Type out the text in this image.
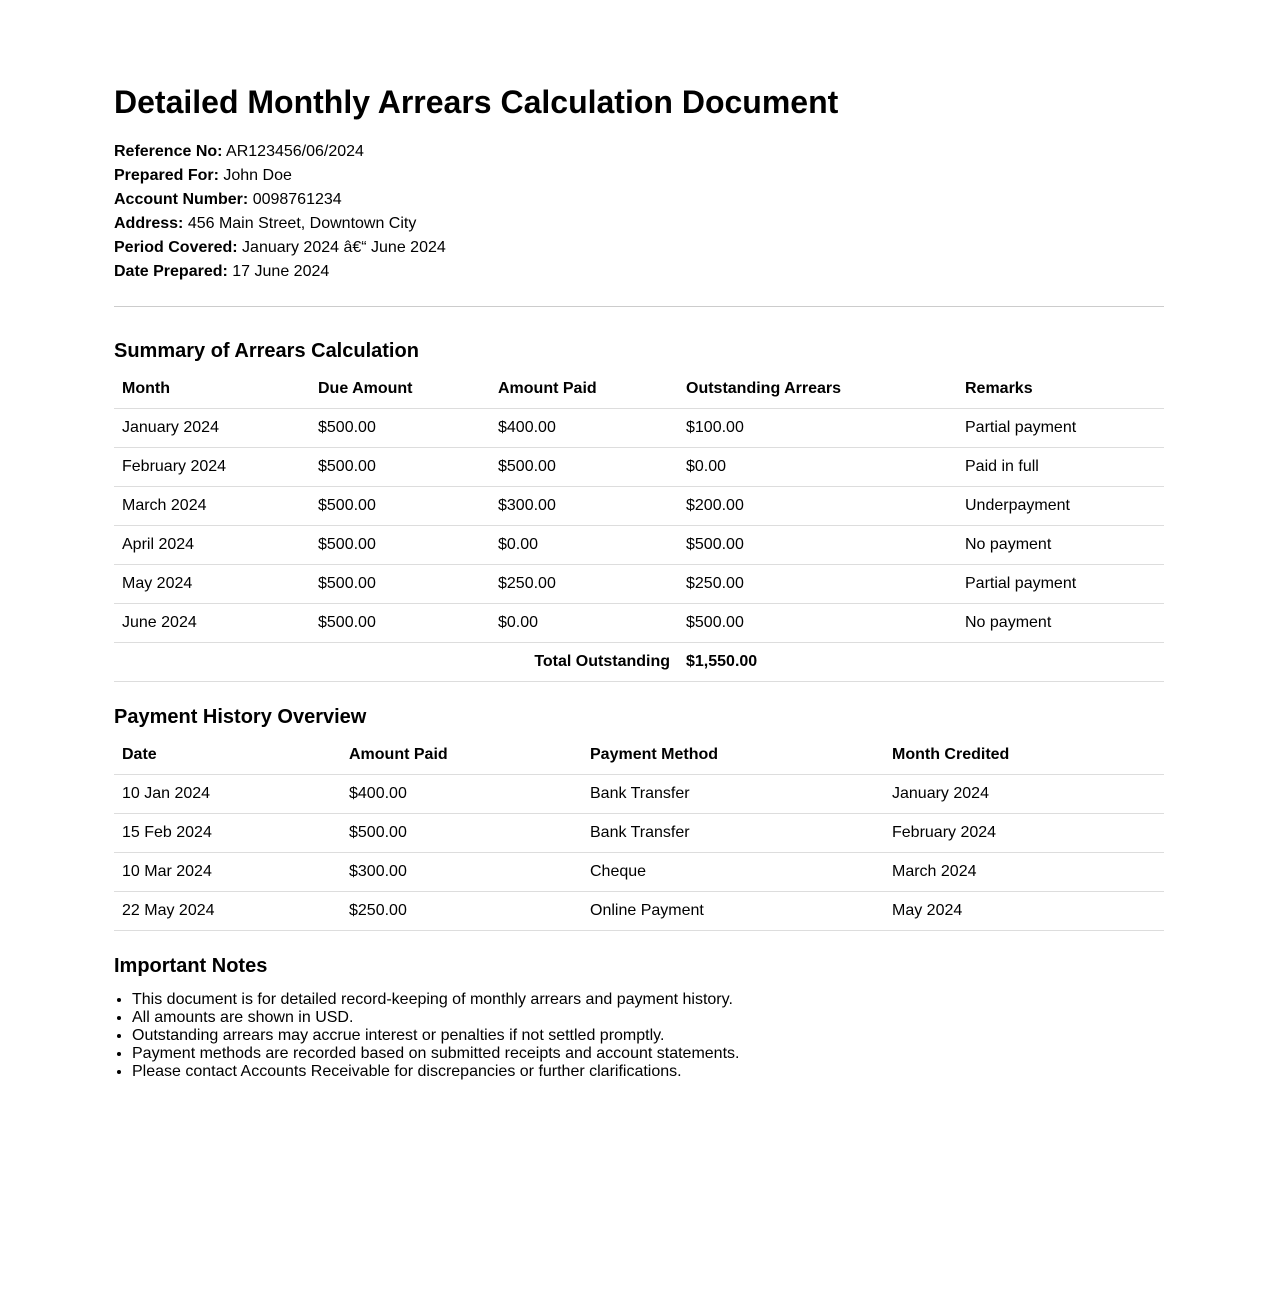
Detailed Monthly Arrears Calculation Document
Reference No: AR123456/06/2024
Prepared For: John Doe
Account Number: 0098761234
Address: 456 Main Street, Downtown City
Period Covered: January 2024 â€“ June 2024
Date Prepared: 17 June 2024
Summary of Arrears Calculation
Month	Due Amount	Amount Paid	Outstanding Arrears	Remarks
January 2024	$500.00	$400.00	$100.00	Partial payment
February 2024	$500.00	$500.00	$0.00	Paid in full
March 2024	$500.00	$300.00	$200.00	Underpayment
April 2024	$500.00	$0.00	$500.00	No payment
May 2024	$500.00	$250.00	$250.00	Partial payment
June 2024	$500.00	$0.00	$500.00	No payment
Total Outstanding			$1,550.00	
Payment History Overview
Date	Amount Paid	Payment Method	Month Credited
10 Jan 2024	$400.00	Bank Transfer	January 2024
15 Feb 2024	$500.00	Bank Transfer	February 2024
10 Mar 2024	$300.00	Cheque	March 2024
22 May 2024	$250.00	Online Payment	May 2024
Important Notes
• This document is for detailed record-keeping of monthly arrears and payment history.
• All amounts are shown in USD.
• Outstanding arrears may accrue interest or penalties if not settled promptly.
• Payment methods are recorded based on submitted receipts and account statements.
• Please contact Accounts Receivable for discrepancies or further clarifications.
